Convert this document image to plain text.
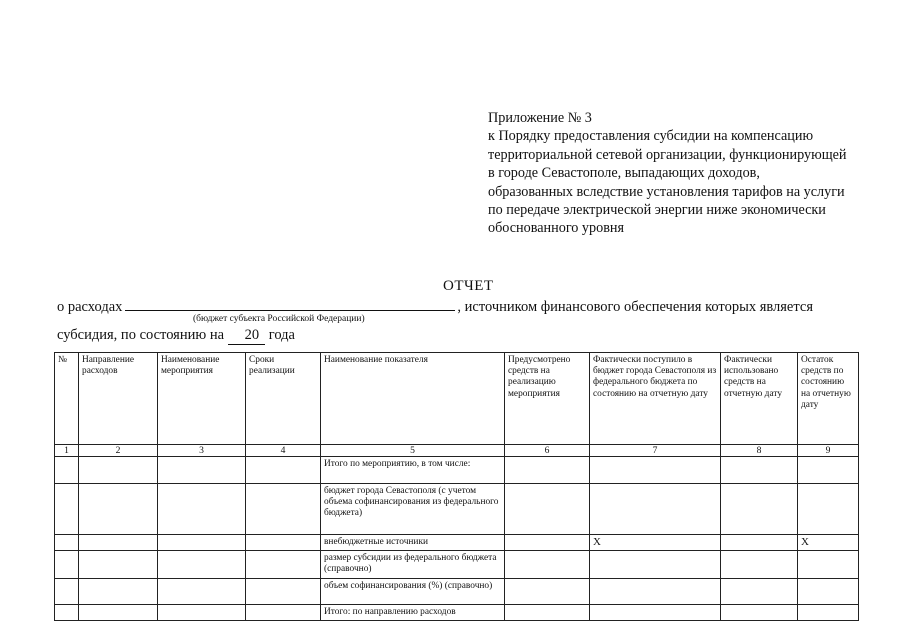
Приложение № 3
к Порядку предоставления субсидии на компенсацию
территориальной сетевой организации, функционирующей
в городе Севастополе, выпадающих доходов,
образованных вследствие установления тарифов на услуги
по передаче электрической энергии ниже экономически
обоснованного уровня
ОТЧЕТ
о расходах	, источником финансового обеспечения которых является
(бюджет субъекта Российской Федерации)
субсидия, по состоянию на 20 года
№	Направление расходов	Наименование мероприятия	Сроки реализации	Наименование показателя	Предусмотрено средств на реализацию мероприятия	Фактически поступило в бюджет города Севастополя из федерального бюджета по состоянию на отчетную дату	Фактически использовано средств на отчетную дату	Остаток средств по состоянию на отчетную дату
1	2	3	4	5	6	7	8	9
				Итого по мероприятию, в том числе:				
				бюджет города Севастополя (с учетом объема софинансирования из федерального бюджета)				
				внебюджетные источники		X		X
				размер субсидии из федерального бюджета (справочно)				
				объем софинансирования (%) (справочно)				
				Итого: по направлению расходов				
